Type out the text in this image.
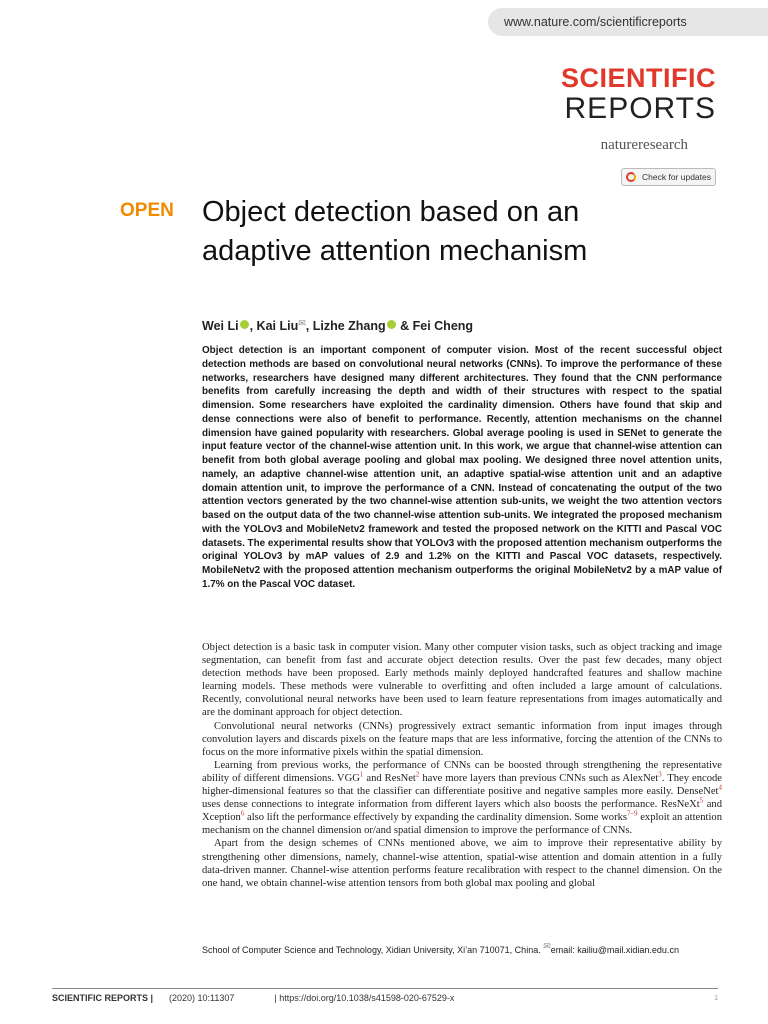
www.nature.com/scientificreports
SCIENTIFIC
REPORTS
natureresearch
Check for updates
OPEN Object detection based on an adaptive attention mechanism
Wei Li , Kai Liu✉, Lizhe Zhang & Fei Cheng

Object detection is an important component of computer vision. Most of the recent successful object detection methods are based on convolutional neural networks (CNNs). To improve the performance of these networks, researchers have designed many different architectures. They found that the CNN performance benefits from carefully increasing the depth and width of their structures with respect to the spatial dimension. Some researchers have exploited the cardinality dimension. Others have found that skip and dense connections were also of benefit to performance. Recently, attention mechanisms on the channel dimension have gained popularity with researchers. Global average pooling is used in SENet to generate the input feature vector of the channel-wise attention unit. In this work, we argue that channel-wise attention can benefit from both global average pooling and global max pooling. We designed three novel attention units, namely, an adaptive channel-wise attention unit, an adaptive spatial-wise attention unit and an adaptive domain attention unit, to improve the performance of a CNN. Instead of concatenating the output of the two attention vectors generated by the two channel-wise attention sub-units, we weight the two attention vectors based on the output data of the two channel-wise attention sub-units. We integrated the proposed mechanism with the YOLOv3 and MobileNetv2 framework and tested the proposed network on the KITTI and Pascal VOC datasets. The experimental results show that YOLOv3 with the proposed attention mechanism outperforms the original YOLOv3 by mAP values of 2.9 and 1.2% on the KITTI and Pascal VOC datasets, respectively. MobileNetv2 with the proposed attention mechanism outperforms the original MobileNetv2 by a mAP value of 1.7% on the Pascal VOC dataset.

Object detection is a basic task in computer vision. Many other computer vision tasks, such as object tracking and image segmentation, can benefit from fast and accurate object detection results. Over the past few decades, many object detection methods have been proposed. Early methods mainly deployed handcrafted features and shallow machine learning models. These methods were vulnerable to overfitting and often included a large amount of calculations. Recently, convolutional neural networks have been used to learn feature representations from images automatically and are the dominant approach for object detection.

Convolutional neural networks (CNNs) progressively extract semantic information from input images through convolution layers and discards pixels on the feature maps that are less informative, forcing the attention of the CNNs to focus on the more informative pixels within the spatial dimension.

Learning from previous works, the performance of CNNs can be boosted through strengthening the representative ability of different dimensions. VGG$^1$ and ResNet$^2$ have more layers than previous CNNs such as AlexNet$^3$. They encode higher-dimensional features so that the classifier can differentiate positive and negative samples more easily. DenseNet$^4$ uses dense connections to integrate information from different layers which also boosts the performance. ResNeXt$^5$ and Xception$^6$ also lift the performance effectively by expanding the cardinality dimension. Some works$^{7-9}$ exploit an attention mechanism on the channel dimension or/and spatial dimension to improve the performance of CNNs.

Apart from the design schemes of CNNs mentioned above, we aim to improve their representative ability by strengthening other dimensions, namely, channel-wise attention, spatial-wise attention and domain attention in a fully data-driven manner. Channel-wise attention performs feature recalibration with respect to the channel dimension. On the one hand, we obtain channel-wise attention tensors from both global max pooling and global

School of Computer Science and Technology, Xidian University, Xi’an 710071, China. ✉email: kailiu@mail.xidian.edu.cn
SCIENTIFIC REPORTS | (2020) 10:11307	| https://doi.org/10.1038/s41598-020-67529-x	1
